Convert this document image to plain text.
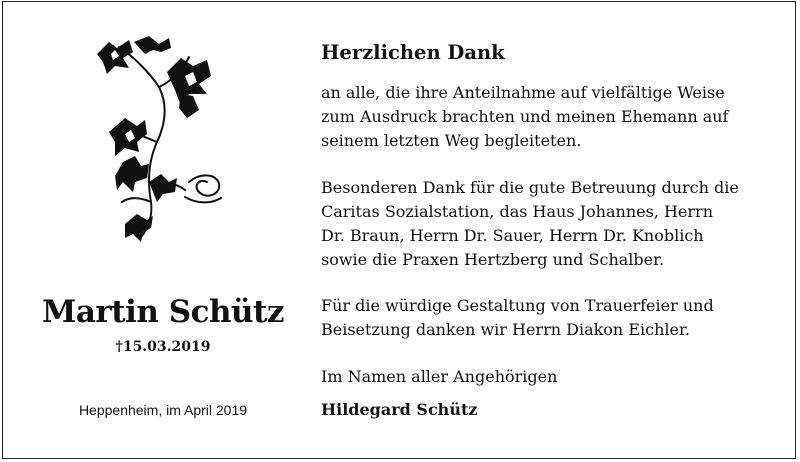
Martin Schütz
†15.03.2019
Heppenheim, im April 2019
Herzlichen Dank
an alle, die ihre Anteilnahme auf vielfältige Weise
zum Ausdruck brachten und meinen Ehemann auf
seinem letzten Weg begleiteten.
Besonderen Dank für die gute Betreuung durch die
Caritas Sozialstation, das Haus Johannes, Herrn
Dr. Braun, Herrn Dr. Sauer, Herrn Dr. Knoblich
sowie die Praxen Hertzberg und Schalber.
Für die würdige Gestaltung von Trauerfeier und
Beisetzung danken wir Herrn Diakon Eichler.
Im Namen aller Angehörigen
Hildegard Schütz
